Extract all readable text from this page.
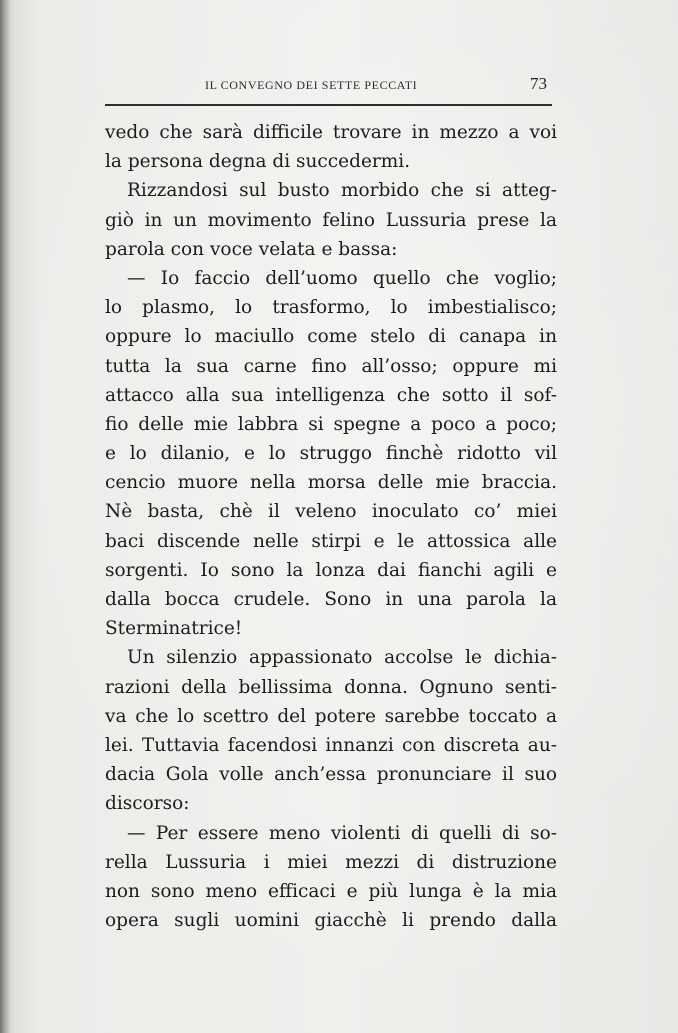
IL CONVEGNO DEI SETTE PECCATI	73
vedo che sarà difficile trovare in mezzo a voi
la persona degna di succedermi.
Rizzandosi sul busto morbido che si atteg-
giò in un movimento felino Lussuria prese la
parola con voce velata e bassa:
— Io faccio dell’uomo quello che voglio;
lo plasmo, lo trasformo, lo imbestialisco;
oppure lo maciullo come stelo di canapa in
tutta la sua carne fino all’osso; oppure mi
attacco alla sua intelligenza che sotto il sof-
fio delle mie labbra si spegne a poco a poco;
e lo dilanio, e lo struggo finchè ridotto vil
cencio muore nella morsa delle mie braccia.
Nè basta, chè il veleno inoculato co’ miei
baci discende nelle stirpi e le attossica alle
sorgenti. Io sono la lonza dai fianchi agili e
dalla bocca crudele. Sono in una parola la
Sterminatrice!
Un silenzio appassionato accolse le dichia-
razioni della bellissima donna. Ognuno senti-
va che lo scettro del potere sarebbe toccato a
lei. Tuttavia facendosi innanzi con discreta au-
dacia Gola volle anch’essa pronunciare il suo
discorso:
— Per essere meno violenti di quelli di so-
rella Lussuria i miei mezzi di distruzione
non sono meno efficaci e più lunga è la mia
opera sugli uomini giacchè li prendo dalla
